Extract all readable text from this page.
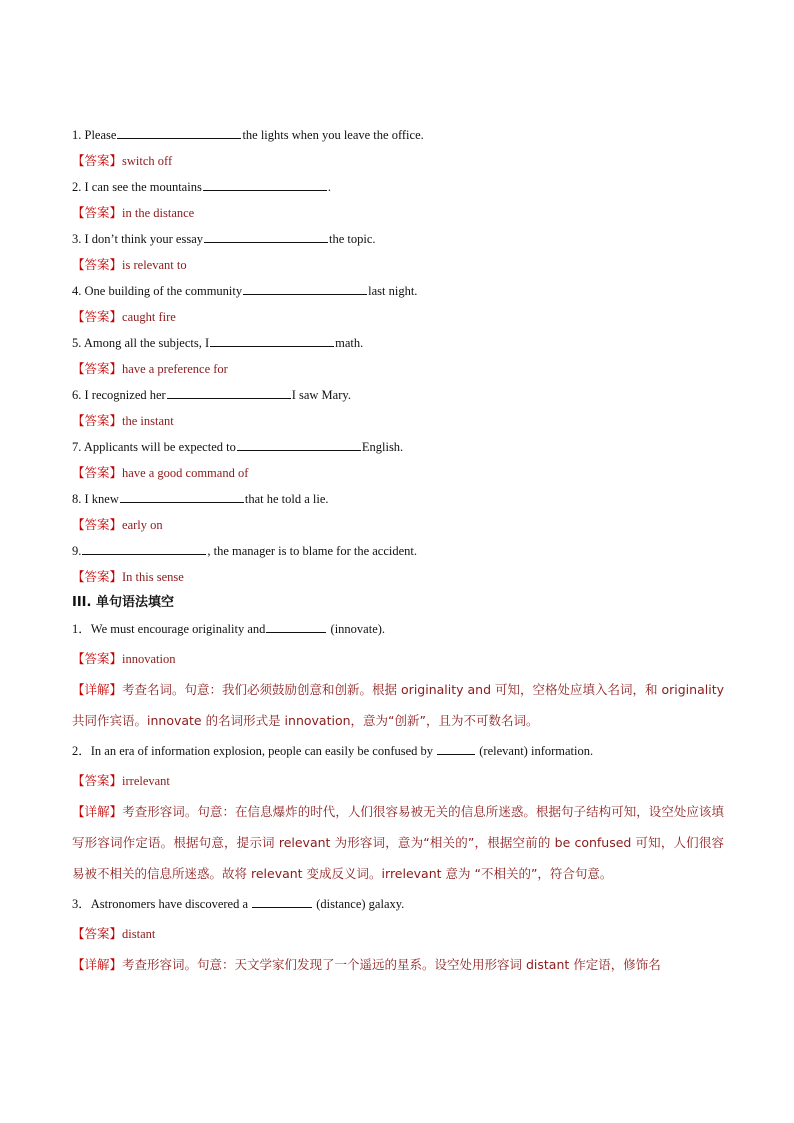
1. Please	the lights when you leave the office.
【答案】switch off
2. I can see the mountains	.
【答案】in the distance
3. I don’t think your essay	the topic.
【答案】is relevant to
4. One building of the community	last night.
【答案】caught fire
5. Among all the subjects, I	math.
【答案】have a preference for
6. I recognized her	I saw Mary.
【答案】the instant
7. Applicants will be expected to	English.
【答案】have a good command of
8. I knew	that he told a lie.
【答案】early on
9.	, the manager is to blame for the accident.
【答案】In this sense
III. 单句语法填空
1．We must encourage originality and	(innovate).
【答案】innovation
【详解】考查名词。句意：我们必须鼓励创意和创新。根据 originality and 可知，空格处应填入名词，和 originality 共同作宾语。innovate 的名词形式是 innovation，意为“创新”，且为不可数名词。
2．In an era of information explosion, people can easily be confused by	(relevant) information.
【答案】irrelevant
【详解】考查形容词。句意：在信息爆炸的时代，人们很容易被无关的信息所迷惑。根据句子结构可知，设空处应该填写形容词作定语。根据句意，提示词 relevant 为形容词，意为“相关的”，根据空前的 be confused 可知，人们很容易被不相关的信息所迷惑。故将 relevant 变成反义词。irrelevant 意为 “不相关的”，符合句意。
3．Astronomers have discovered a	(distance) galaxy.
【答案】distant
【详解】考查形容词。句意：天文学家们发现了一个遥远的星系。设空处用形容词 distant 作定语，修饰名
